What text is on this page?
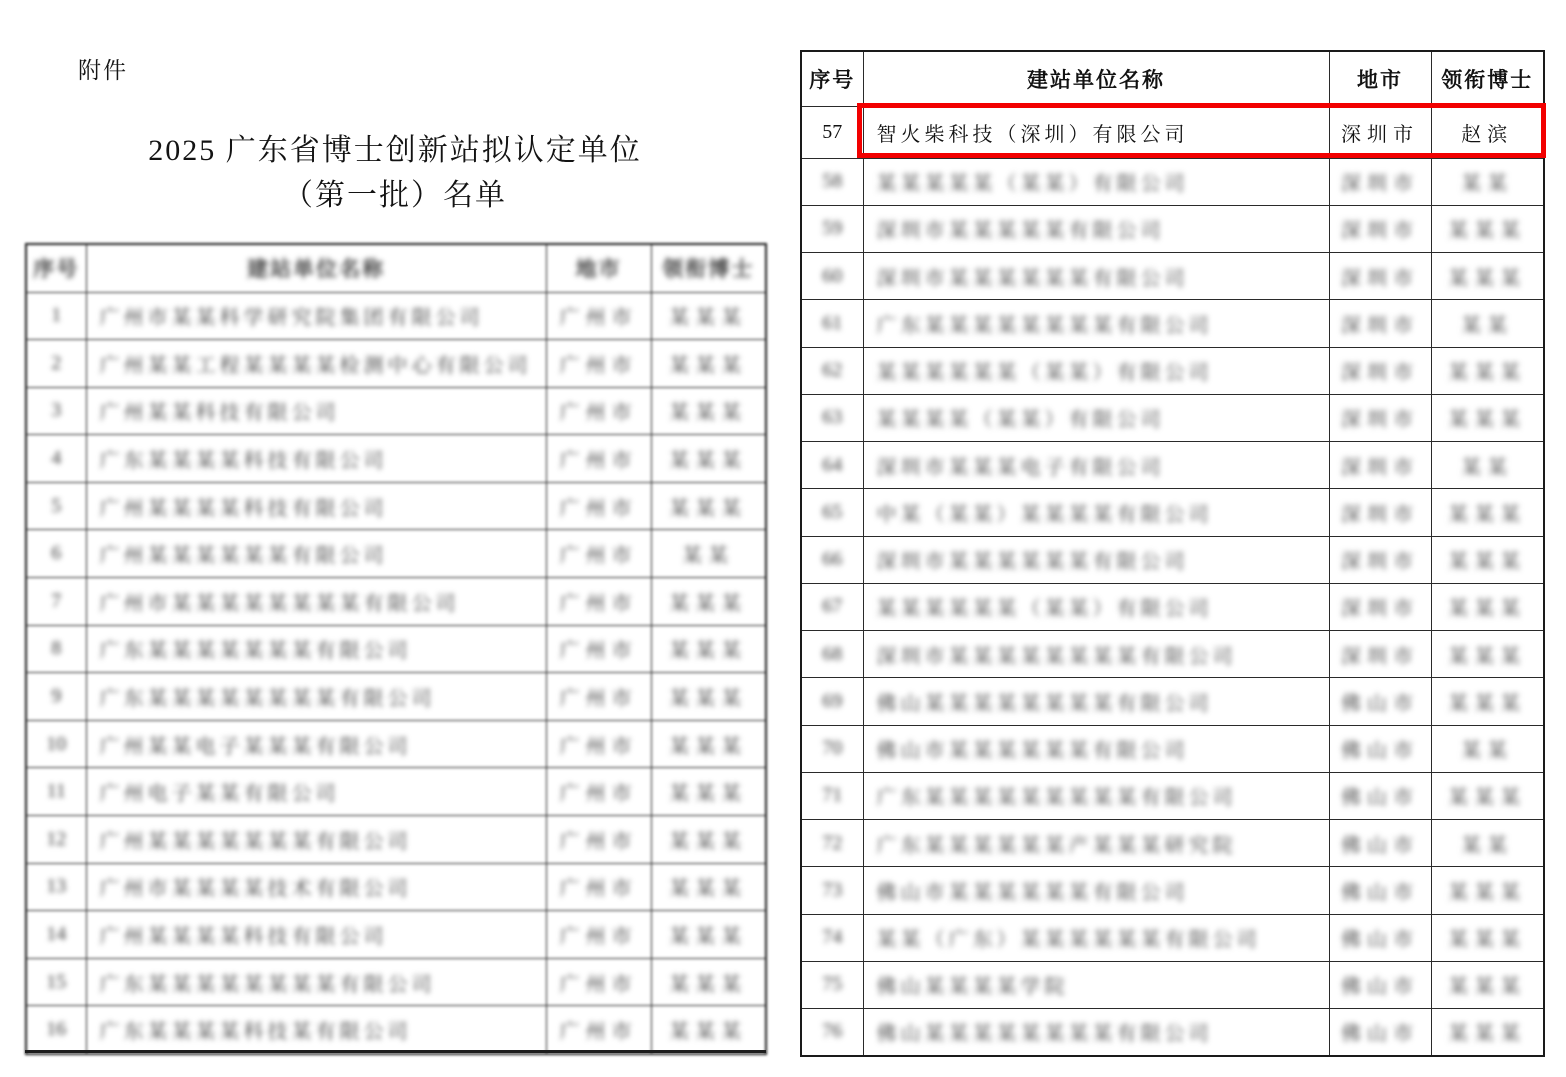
附件
2025 广东省博士创新站拟认定单位
（第一批）名单
序号	建站单位名称	地市	领衔博士
1	广州市某某科学研究院集团有限公司	广州市	某某某
2	广州某某工程某某某某检测中心有限公司	广州市	某某某
3	广州某某科技有限公司	广州市	某某某
4	广东某某某某科技有限公司	广州市	某某某
5	广州某某某某科技有限公司	广州市	某某某
6	广州某某某某某某有限公司	广州市	某某
7	广州市某某某某某某某某有限公司	广州市	某某某
8	广东某某某某某某某有限公司	广州市	某某某
9	广东某某某某某某某某有限公司	广州市	某某某
10	广州某某电子某某某有限公司	广州市	某某某
11	广州电子某某有限公司	广州市	某某某
12	广州某某某某某某某有限公司	广州市	某某某
13	广州市某某某某技术有限公司	广州市	某某某
14	广州某某某某科技有限公司	广州市	某某某
15	广东某某某某某某某某有限公司	广州市	某某某
16	广东某某某某科技某有限公司	广州市	某某某
序号	建站单位名称	地市	领衔博士
57	智火柴科技（深圳）有限公司	深圳市	赵滨
58	某某某某某（某某）有限公司	深圳市	某某
59	深圳市某某某某某有限公司	深圳市	某某某
60	深圳市某某某某某某有限公司	深圳市	某某某
61	广东某某某某某某某某有限公司	深圳市	某某
62	某某某某某某（某某）有限公司	深圳市	某某某
63	某某某某（某某）有限公司	深圳市	某某某
64	深圳市某某某电子有限公司	深圳市	某某
65	中某（某某）某某某某有限公司	深圳市	某某某
66	深圳市某某某某某某有限公司	深圳市	某某某
67	某某某某某某（某某）有限公司	深圳市	某某某
68	深圳市某某某某某某某某有限公司	深圳市	某某某
69	佛山某某某某某某某某有限公司	佛山市	某某某
70	佛山市某某某某某某有限公司	佛山市	某某
71	广东某某某某某某某某某有限公司	佛山市	某某某
72	广东某某某某某某产某某某研究院	佛山市	某某
73	佛山市某某某某某某有限公司	佛山市	某某某
74	某某（广东）某某某某某某有限公司	佛山市	某某某
75	佛山某某某某学院	佛山市	某某某
76	佛山某某某某某某某某有限公司	佛山市	某某某
